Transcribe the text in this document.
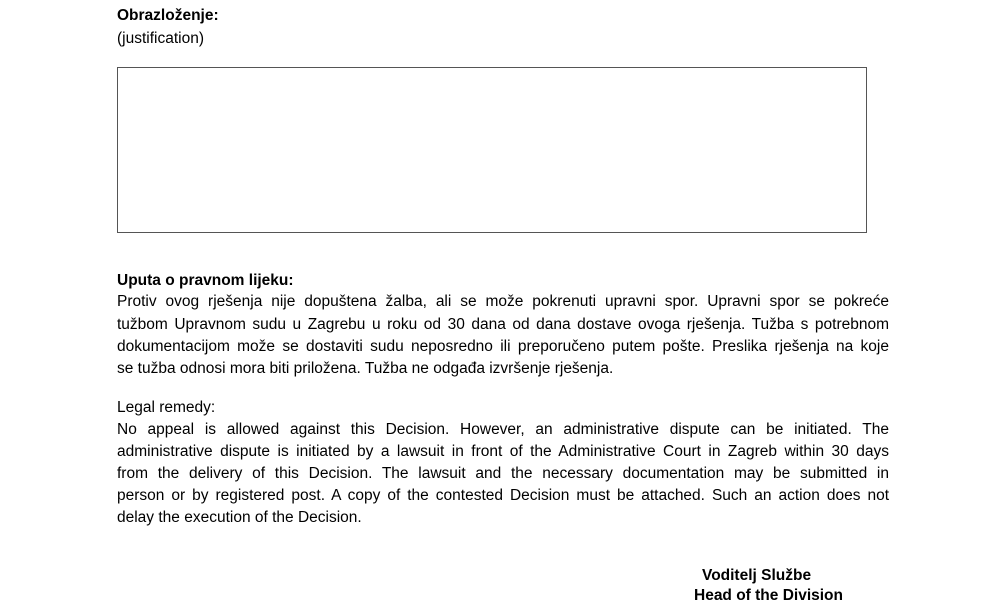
Obrazloženje:
(justification)
Uputa o pravnom lijeku:
Protiv ovog rješenja nije dopuštena žalba, ali se može pokrenuti upravni spor. Upravni spor se pokreće
tužbom Upravnom sudu u Zagrebu u roku od 30 dana od dana dostave ovoga rješenja. Tužba s potrebnom
dokumentacijom može se dostaviti sudu neposredno ili preporučeno putem pošte. Preslika rješenja na koje
se tužba odnosi mora biti priložena. Tužba ne odgađa izvršenje rješenja.
Legal remedy:
No appeal is allowed against this Decision. However, an administrative dispute can be initiated. The
administrative dispute is initiated by a lawsuit in front of the Administrative Court in Zagreb within 30 days
from the delivery of this Decision. The lawsuit and the necessary documentation may be submitted in
person or by registered post. A copy of the contested Decision must be attached. Such an action does not
delay the execution of the Decision.
Voditelj Službe
Head of the Division
